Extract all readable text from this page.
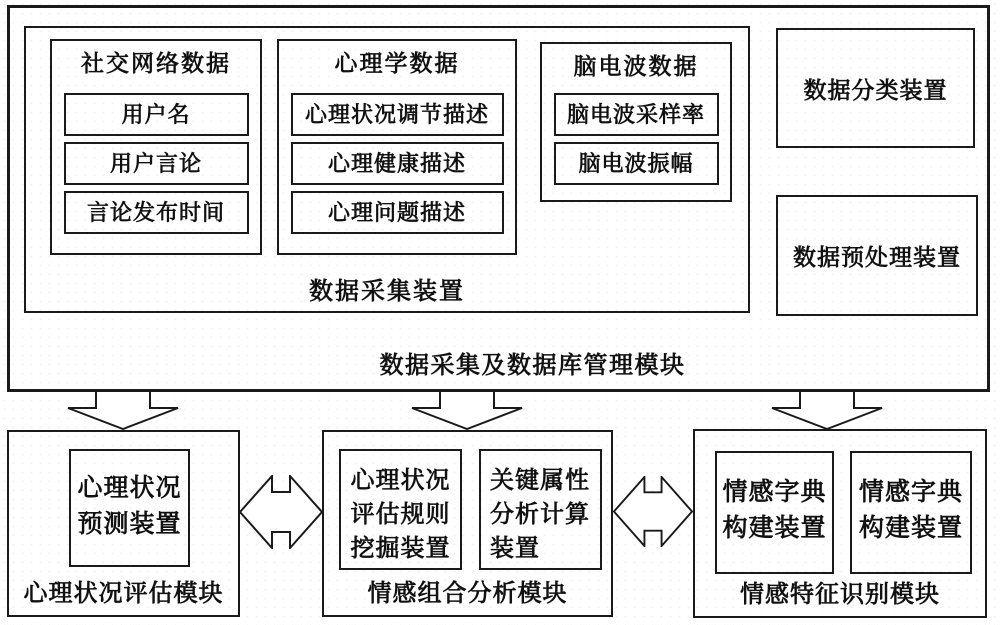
社交网络数据
用户名
用户言论
言论发布时间
心理学数据
心理状况调节描述
心理健康描述
心理问题描述
脑电波数据
脑电波采样率
脑电波振幅
数据采集装置
数据分类装置
数据预处理装置
数据采集及数据库管理模块
心理状况
预测装置
心理状况评估模块
心理状况
评估规则
挖掘装置
关键属性
分析计算
装置
情感组合分析模块
情感字典
构建装置
情感字典
构建装置
情感特征识别模块
